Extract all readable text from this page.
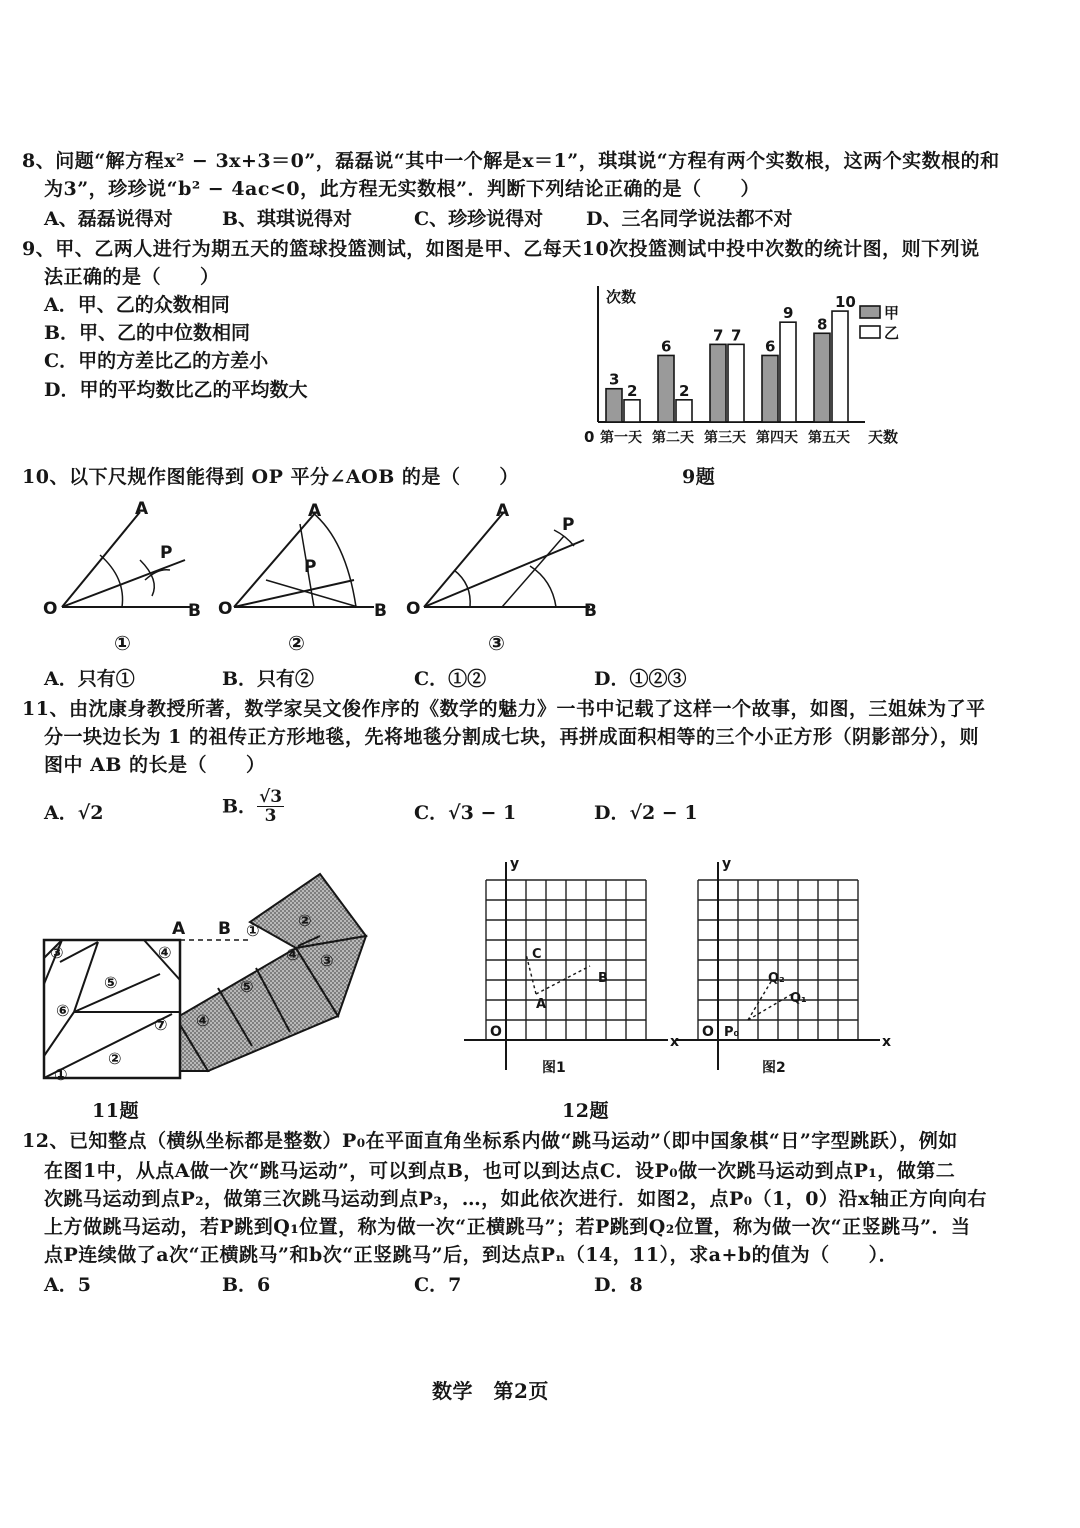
8、问题“解方程x² − 3x+3＝0”，磊磊说“其中一个解是x＝1”，琪琪说“方程有两个实数根，这两个实数根的和
为3”，珍珍说“b² − 4ac<0，此方程无实数根”．判断下列结论正确的是（　　）
A、磊磊说得对	B、琪琪说得对	C、珍珍说得对 D、三名同学说法都不对
9、甲、乙两人进行为期五天的篮球投篮测试，如图是甲、乙每天10次投篮测试中投中次数的统计图，则下列说
法正确的是（　　）
A．甲、乙的众数相同
B．甲、乙的中位数相同
C．甲的方差比乙的方差小
D．甲的平均数比乙的平均数大
次数
天数
0
3
2
第一天
6
2
第二天
7 7
第三天
6
9
第四天
8
10
第五天
甲
乙
9题
10、以下尺规作图能得到 OP 平分∠AOB 的是（　　）
A
P
O	B
①
A
P
O	B
②
A
P
O	B
③
A．只有①	B．只有②	C．①②	D．①②③
11、由沈康身教授所著，数学家吴文俊作序的《数学的魅力》一书中记载了这样一个故事，如图，三姐妹为了平
分一块边长为 1 的祖传正方形地毯，先将地毯分割成七块，再拼成面积相等的三个小正方形（阴影部分），则
图中 AB 的长是（　　）
A．√2	B． $\frac{√3}{3}$	C．√3 − 1	D．√2 − 1
A B
③	④
⑤
⑥
②
①
⑦ ④
⑤
①
②
④ ③
11题
x
y
O
C
B
A
图1
x
y
O
Q₂
Q₁
P₀
图2
12题
12、已知整点（横纵坐标都是整数）P₀在平面直角坐标系内做“跳马运动”（即中国象棋“日”字型跳跃），例如
在图1中，从点A做一次“跳马运动”，可以到点B，也可以到达点C．设P₀做一次跳马运动到点P₁，做第二
次跳马运动到点P₂，做第三次跳马运动到点P₃，…，如此依次进行．如图2，点P₀（1，0）沿x轴正方向向右
上方做跳马运动，若P跳到Q₁位置，称为做一次“正横跳马”；若P跳到Q₂位置，称为做一次“正竖跳马”．当
点P连续做了a次“正横跳马”和b次“正竖跳马”后，到达点Pₙ（14，11），求a+b的值为（　　）．
A．5	B．6	C．7	D．8
数学　第2页
